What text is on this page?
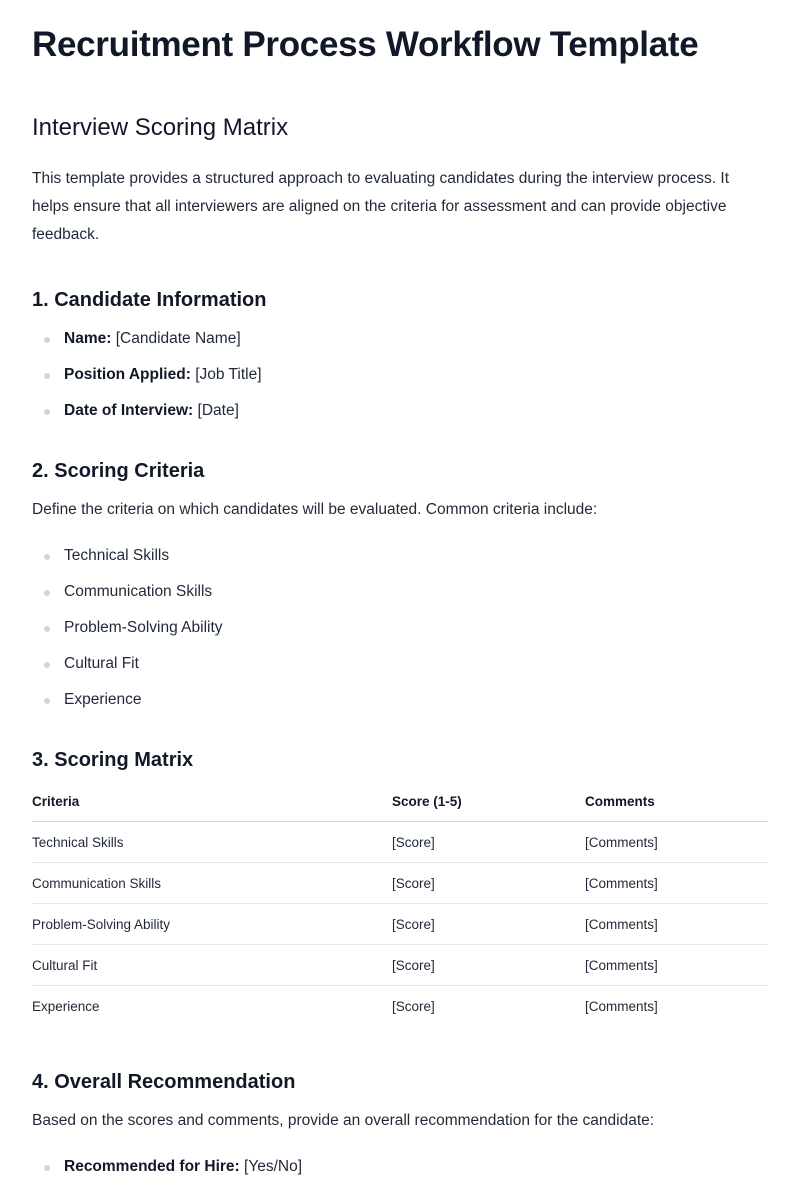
Recruitment Process Workflow Template
Interview Scoring Matrix

This template provides a structured approach to evaluating candidates during the interview process. It helps ensure that all interviewers are aligned on the criteria for assessment and can provide objective feedback.

1. Candidate Information
Name: [Candidate Name]
Position Applied: [Job Title]
Date of Interview: [Date]
2. Scoring Criteria

Define the criteria on which candidates will be evaluated. Common criteria include:

Technical Skills
Communication Skills
Problem-Solving Ability
Cultural Fit
Experience
3. Scoring Matrix
Criteria	Score (1-5)	Comments
Technical Skills	[Score]	[Comments]
Communication Skills	[Score]	[Comments]
Problem-Solving Ability	[Score]	[Comments]
Cultural Fit	[Score]	[Comments]
Experience	[Score]	[Comments]
4. Overall Recommendation

Based on the scores and comments, provide an overall recommendation for the candidate:

Recommended for Hire: [Yes/No]
